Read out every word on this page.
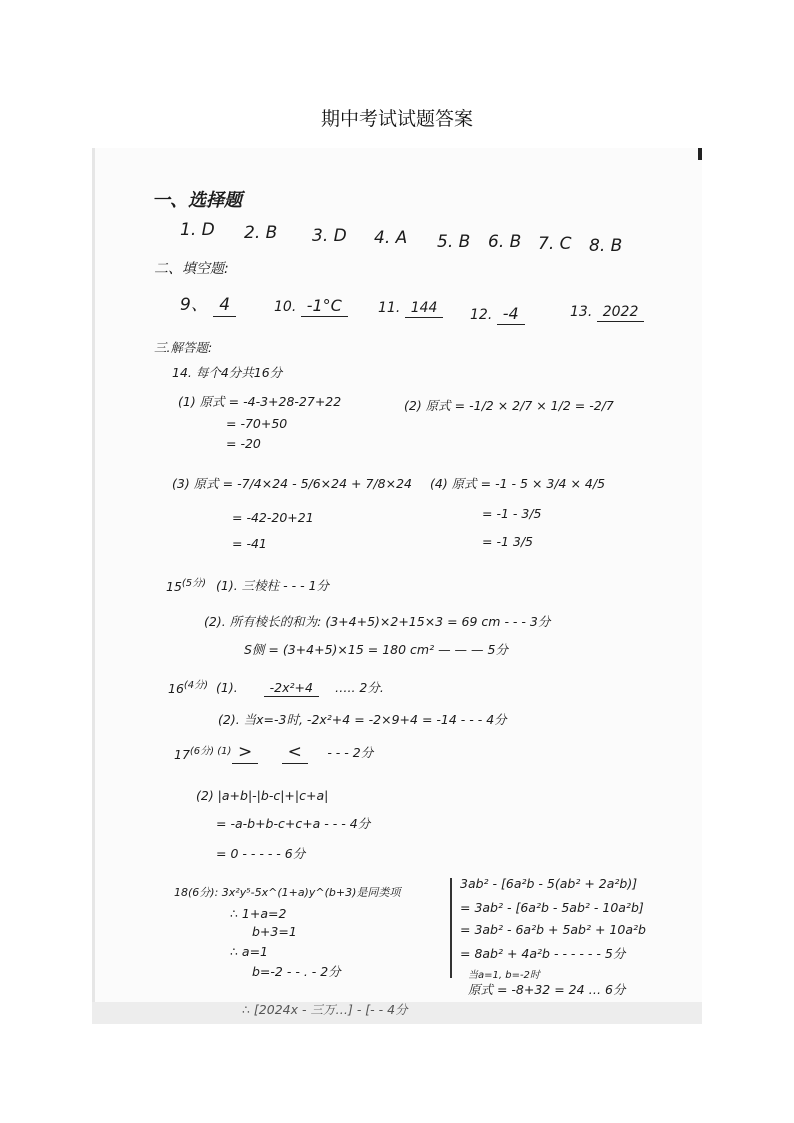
期中考试试题答案
一、选择题
1. D 2. B 3. D 4. A 5. B 6. B 7. C 8. B
二、填空题:
9、 4	10. -1°C	11. 144	12. -4	13. 2022
三.解答题:
14. 每个4分共16分
(1) 原式 = -4-3+28-27+22
= -70+50
= -20
(2) 原式 = -1/2 × 2/7 × 1/2 = -2/7
(3) 原式 = -7/4×24 - 5/6×24 + 7/8×24
= -42-20+21
= -41
(4) 原式 = -1 - 5 × 3/4 × 4/5
= -1 - 3/5
= -1 3/5
$15^{(5分)}$ (1). 三棱柱 - - - 1分
(2). 所有棱长的和为: (3+4+5)×2+15×3 = 69 cm - - - 3分
S侧 = (3+4+5)×15 = 180 cm² — — — 5分
$16^{(4分)}$ (1).	-2x²+4 ….. 2分.
(2). 当x=-3时, -2x²+4 = -2×9+4 = -14 - - - 4分
$17^{(6分) (1)}$ > < - - - 2分
(2) |a+b|-|b-c|+|c+a|
= -a-b+b-c+c+a - - - 4分
= 0 - - - - - 6分
18(6分): 3x²y⁵-5x^(1+a)y^(b+3)是同类项
∴ 1+a=2
b+3=1
∴ a=1
b=-2 - - . - 2分
3ab² - [6a²b - 5(ab² + 2a²b)]
= 3ab² - [6a²b - 5ab² - 10a²b]
= 3ab² - 6a²b + 5ab² + 10a²b
= 8ab² + 4a²b - - - - - - 5分
当a=1, b=-2时
原式 = -8+32 = 24 … 6分
∴ [2024x - 三万…] - [- - 4分
